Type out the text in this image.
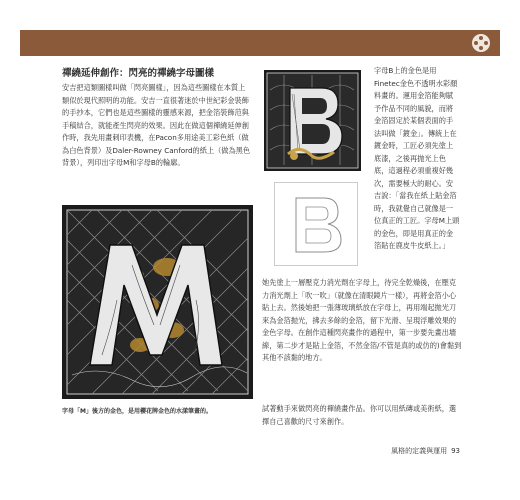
禪繞延伸創作：閃亮的禪繞字母圖樣
安吉把這類圖樣叫做「閃亮圖樣」，因為這些圖樣在本質上類似於現代照明的功能。安吉一直很著迷於中世紀彩金裝飾的手抄本，它們也是這些圖樣的靈感來源，把金箔裝飾范與手稿結合，就能產生閃亮的效果。因此在做這個禪繞延伸創作時，我先用畫刺印表機，在Pacon多用途美工彩色紙（做為白色背景）及Daler-Rowney Canford的紙上（做為黑色背景），列印出字母M和字母B的輪廓。
字母B上的金色是用Finetec金色不透明水彩顏料畫的。運用金箔能夠賦予作品不同的風貌，而將金箔固定於某個表面的手法叫做「鍍金」。傳統上在鍍金時，工匠必須先塗上底漆，之後再抛光上色底，這過程必須重複好幾次，需要極大的耐心。安吉說：「當我在紙上貼金箔時，我就覺自己就像是一位真正的工匠。字母M上頭的金色，即是用真正的金箔貼在鹿皮牛皮紙上。」
她先塗上一層壓克力消光劑在字母上，待完全乾燥後，在壓克力消光劑上「吹一吹」（就像在清眼鏡片一樣），再將金箔小心貼上去。然後她把一張薄玻璃紙放在字母上，再用端起抛光刀來為金箔抛光，拂去多餘的金箔，留下光滑、呈現浮雕效果的金色字母。在創作這種閃亮畫作的過程中，第一步要先畫出墻線，第二步才是貼上金箔，不然金箔/不管是真的或仿的)會黏到其他不該黏的地方。
試著動手來做閃亮的禪繞畫作品。你可以用紙磚或美術紙，選擇自己喜歡的尺寸來創作。
字母「M」後方的金色，是用櫻花牌金色的水漾筆畫的。
風格的定義與運用 93
